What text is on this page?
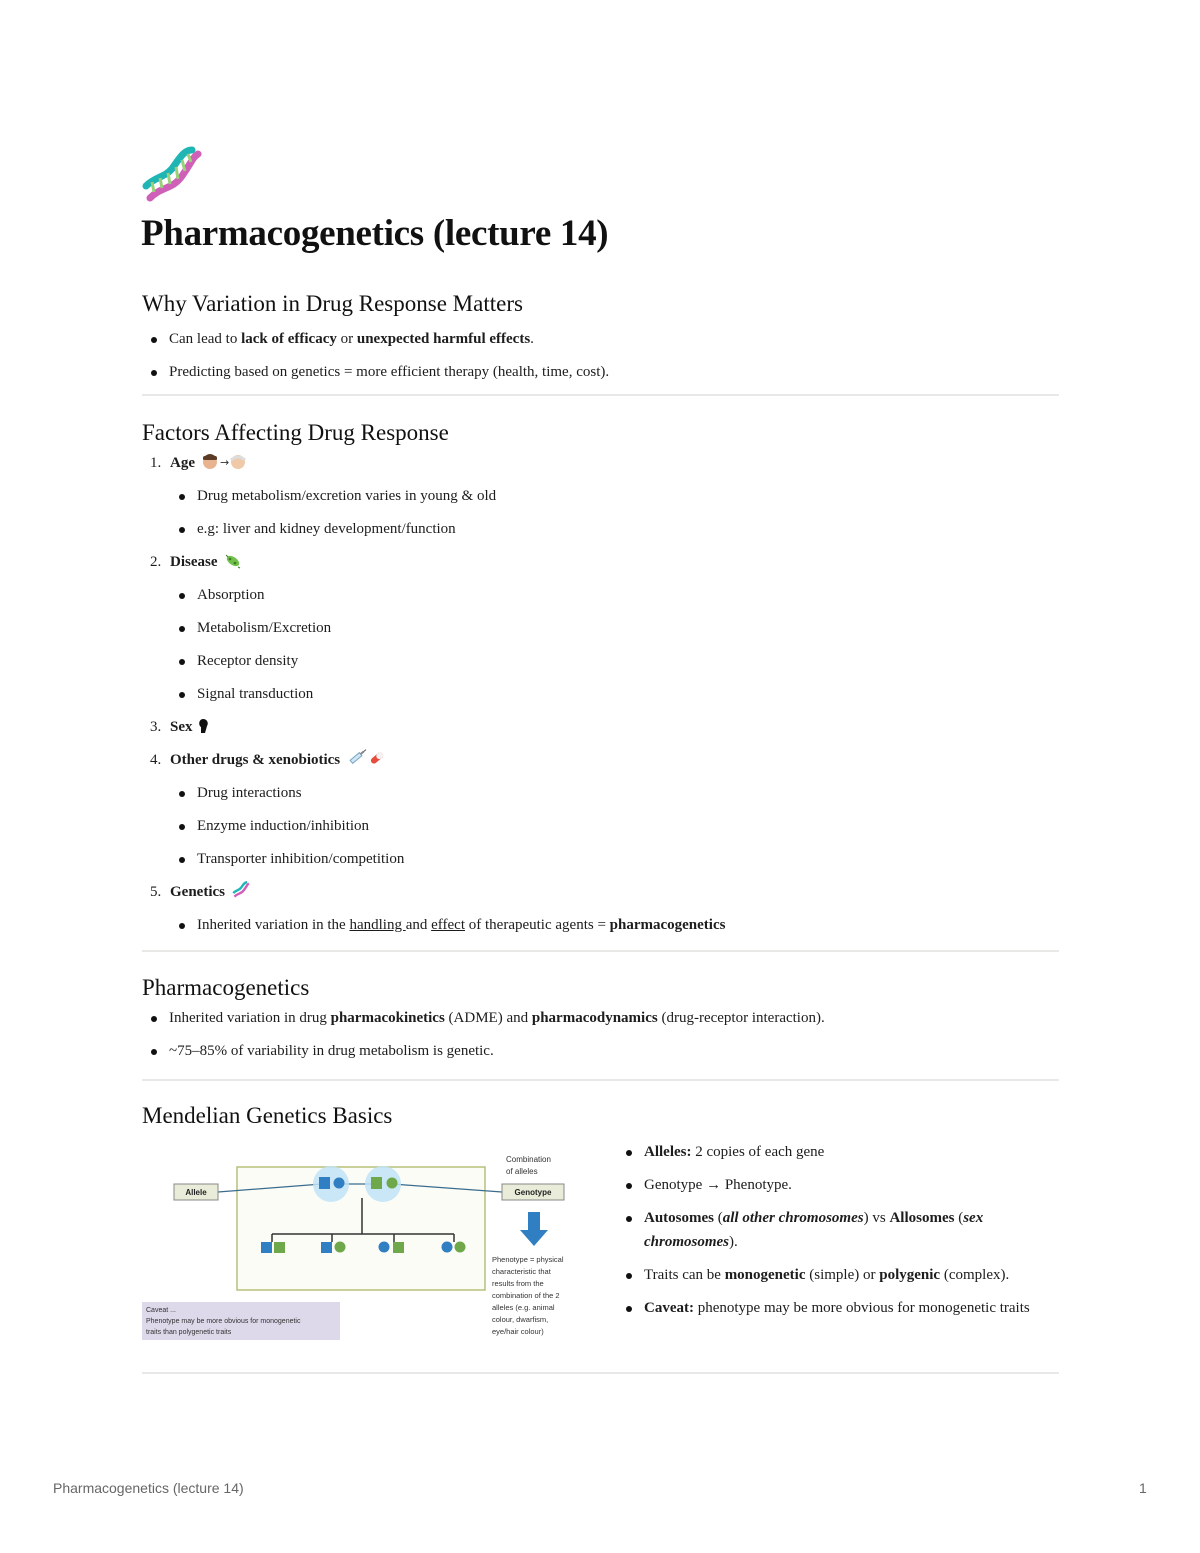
Pharmacogenetics (lecture 14)
Why Variation in Drug Response Matters
Can lead to lack of efficacy or unexpected harmful effects.
Predicting based on genetics = more efficient therapy (health, time, cost).
Factors Affecting Drug Response
1. Age →
Drug metabolism/excretion varies in young & old
e.g: liver and kidney development/function
2. Disease
Absorption
Metabolism/Excretion
Receptor density
Signal transduction
3. Sex
4. Other drugs & xenobiotics
Drug interactions
Enzyme induction/inhibition
Transporter inhibition/competition
5. Genetics
Inherited variation in the handling and effect of therapeutic agents = pharmacogenetics
Pharmacogenetics
Inherited variation in drug pharmacokinetics (ADME) and pharmacodynamics (drug-receptor interaction).
~75–85% of variability in drug metabolism is genetic.
Mendelian Genetics Basics
Allele	Genotype
Combination
of alleles
Phenotype = physical
characteristic that
results from the
combination of the 2
alleles (e.g. animal
colour, dwarfism,
eye/hair colour)
Caveat ...
Phenotype may be more obvious for monogenetic
traits than polygenetic traits
Alleles: 2 copies of each gene
Genotype → Phenotype.
Autosomes (all other chromosomes) vs Allosomes (sex chromosomes).
Traits can be monogenetic (simple) or polygenic (complex).
Caveat: phenotype may be more obvious for monogenetic traits
Pharmacogenetics (lecture 14)	1
